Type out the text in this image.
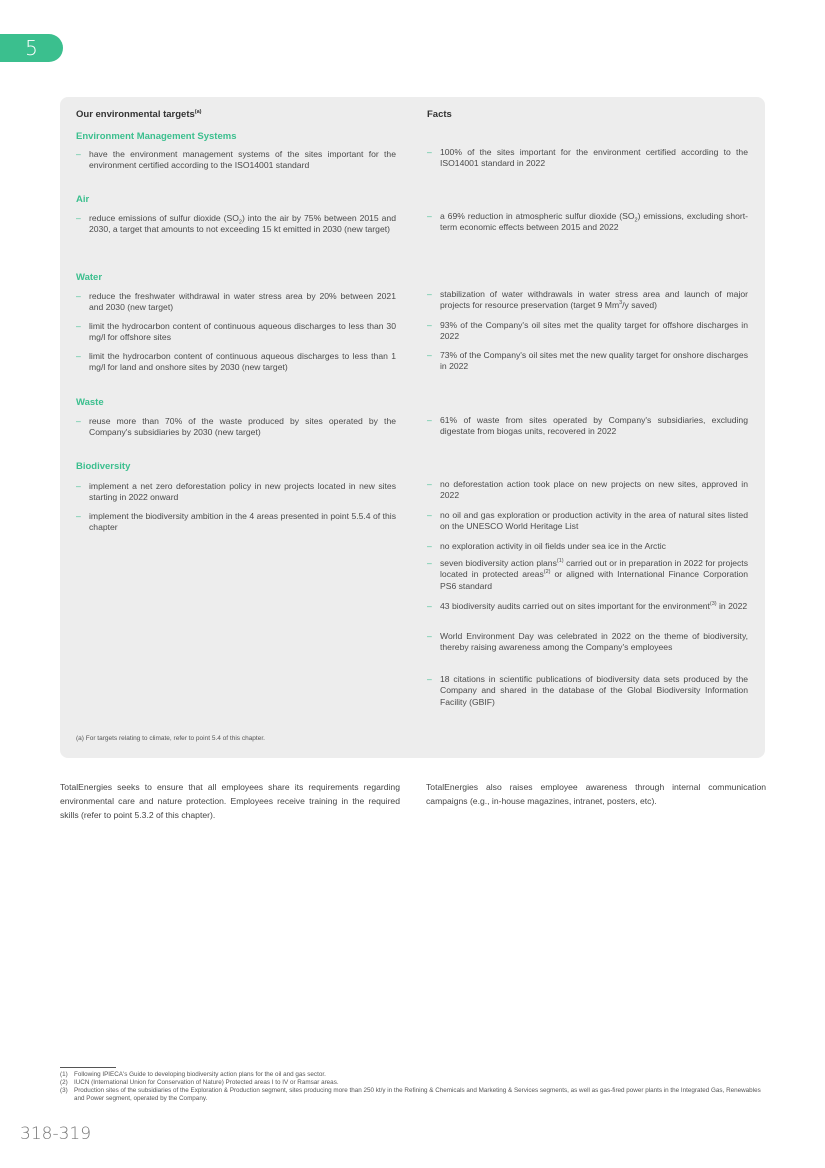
5
Our environmental targets$^{(a)}$	Facts
Environment Management Systems
– have the environment management systems of the sites important for the environment certified according to the ISO14001 standard
– 100% of the sites important for the environment certified according to the ISO14001 standard in 2022
Air
– reduce emissions of sulfur dioxide $(SO_2)$ into the air by 75% between 2015 and 2030, a target that amounts to not exceeding 15 kt emitted in 2030 (new target)
– a 69% reduction in atmospheric sulfur dioxide $(SO_2)$ emissions, excluding short-term economic effects between 2015 and 2022
Water
– reduce the freshwater withdrawal in water stress area by 20% between 2021 and 2030 (new target)
– limit the hydrocarbon content of continuous aqueous discharges to less than 30 mg/l for offshore sites
– limit the hydrocarbon content of continuous aqueous discharges to less than 1 mg/l for land and onshore sites by 2030 (new target)
– stabilization of water withdrawals in water stress area and launch of major projects for resource preservation (target 9 Mm$^3$/y saved)
– 93% of the Company's oil sites met the quality target for offshore discharges in 2022
– 73% of the Company's oil sites met the new quality target for onshore discharges in 2022
Waste
– reuse more than 70% of the waste produced by sites operated by the Company's subsidiaries by 2030 (new target)
– 61% of waste from sites operated by Company's subsidiaries, excluding digestate from biogas units, recovered in 2022
Biodiversity
– implement a net zero deforestation policy in new projects located in new sites starting in 2022 onward
– implement the biodiversity ambition in the 4 areas presented in point 5.5.4 of this chapter
– no deforestation action took place on new projects on new sites, approved in 2022
– no oil and gas exploration or production activity in the area of natural sites listed on the UNESCO World Heritage List
– no exploration activity in oil fields under sea ice in the Arctic
– seven biodiversity action plans$^{(1)}$ carried out or in preparation in 2022 for projects located in protected areas$^{(2)}$ or aligned with International Finance Corporation PS6 standard
– 43 biodiversity audits carried out on sites important for the environment$^{(3)}$ in 2022
– World Environment Day was celebrated in 2022 on the theme of biodiversity, thereby raising awareness among the Company's employees
– 18 citations in scientific publications of biodiversity data sets produced by the Company and shared in the database of the Global Biodiversity Information Facility (GBIF)
(a) For targets relating to climate, refer to point 5.4 of this chapter.
TotalEnergies seeks to ensure that all employees share its requirements regarding environmental care and nature protection. Employees receive training in the required skills (refer to point 5.3.2 of this chapter).
TotalEnergies also raises employee awareness through internal communication campaigns (e.g., in-house magazines, intranet, posters, etc).
(1) Following IPIECA's Guide to developing biodiversity action plans for the oil and gas sector.
(2) IUCN (International Union for Conservation of Nature) Protected areas I to IV or Ramsar areas.
(3) Production sites of the subsidiaries of the Exploration & Production segment, sites producing more than 250 kt/y in the Refining & Chemicals and Marketing & Services segments, as well as gas-fired power plants in the Integrated Gas, Renewables and Power segment, operated by the Company.
318-319
